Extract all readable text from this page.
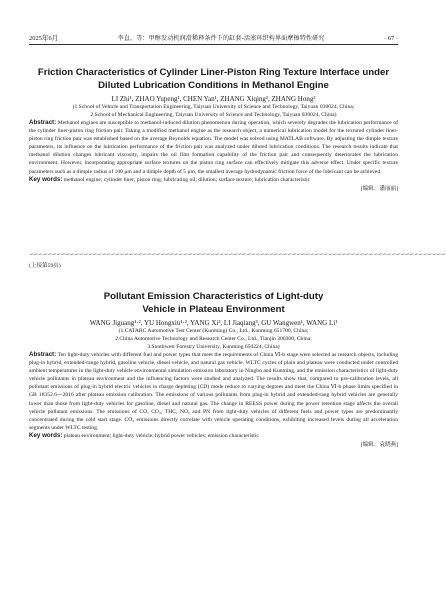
2025年6月	李直，等：甲醇发动机润滑稀释条件下的缸套-活塞环织构界面摩擦特性研究	· 67 ·

Friction Characteristics of Cylinder Liner-Piston Ring Texture Interface under

Diluted Lubrication Conditions in Methanol Engine

LI Zhi¹, ZHAO Yupeng¹, CHEN Yan¹, ZHANG Xiqing², ZHANG Hong²

(1.School of Vehicle and Transportation Engineering, Taiyuan University of Science and Technology, Taiyuan 030024, China;

2.School of Mechanical Engineering, Taiyuan University of Science and Technology, Taiyuan 030024, China)

Abstract: Methanol engines are susceptible to methanol-induced dilution phenomenon during operation, which severely degrades the lubrication performance of the cylinder liner-piston ring friction pair. Taking a modified methanol engine as the research object, a numerical lubrication model for the textured cylinder liner-piston ring friction pair was established based on the average Reynolds equation. The model was solved using MATLAB software. By adjusting the dimple texture parameters, its influence on the lubrication performance of the friction pair was analyzed under diluted lubrication conditions. The research results indicate that methanol dilution changes lubricant viscosity, impairs the oil film formation capability of the friction pair and consequently deteriorates the lubrication environment. However, incorporating appropriate surface textures on the piston ring surface can effectively mitigate this adverse effect. Under specific texture parameters such as a dimple radius of 100 μm and a dimple depth of 5 μm, the smallest average hydrodynamic friction force of the lubricant can be achieved.

Key words: methanol engine; cylinder liner; piston ring; lubricating oil; dilution; surface texture; lubrication characteristic

[编辑：潘丽丽]

∽∽∽∽∽∽∽∽∽∽∽∽∽∽∽∽∽∽∽∽∽∽∽∽∽∽∽∽∽∽∽∽∽∽∽∽∽∽∽∽∽∽∽∽∽∽∽∽∽∽∽∽∽∽∽∽∽∽∽∽∽∽∽∽∽∽∽∽∽∽∽∽∽∽∽∽∽∽∽∽∽∽∽∽∽∽∽∽∽∽∽∽
(上接第59页)

Pollutant Emission Characteristics of Light-duty

Vehicle in Plateau Environment

WANG Jiguang¹·², YU Hongxiu¹·², YANG Xi³, LI Jiaqiang³, GU Wangwen¹, WANG Li¹

(1.CATARC Automotive Test Center (Kunming) Co., Ltd., Kunming 651700, China;

2.China Automotive Technology and Research Center Co., Ltd., Tianjin 300300, China;

3.Southwest Forestry University, Kunming 650224, China)

Abstract: Ten light-duty vehicles with different fuel and power types that meet the requirements of China Ⅵ-b stage were selected as research objects, including plug-in hybrid, extended-range hybrid, gasoline vehicle, diesel vehicle, and natural gas vehicle. WLTC cycles of plain and plateau were conducted under controlled ambient temperatures in the light-duty vehicle environmental simulation emission laboratory in Ningbo and Kunming, and the emission characteristics of light-duty vehicle pollutants in plateau environment and the influencing factors were studied and analyzed. The results show that, compared to pre-calibration levels, all pollutant emissions of plug-in hybrid electric vehicles in charge depleting (CD) mode reduce to varying degrees and meet the China Ⅵ-b phase limits specified in GB 18352.6—2016 after plateau emission calibration. The emissions of various pollutants from plug-in hybrid and extended-rang hybrid vehicles are generally lower than those from light-duty vehicles for gasoline, diesel and natural gas. The change in REESS power during the power retention stage affects the overall vehicle pollutant emissions. The emissions of CO, CO₂, THC, NOₓ and PN from light-duty vehicles of different fuels and power types are predominantly concentrated during the cold start stage. CO₂ emissions directly correlate with vehicle operating conditions, exhibiting increased levels during all acceleration segments under WLTC testing.

Key words: plateau environment; light-duty vehicle; hybrid power vehicles; emission characteristic

[编辑：袁晓燕]
